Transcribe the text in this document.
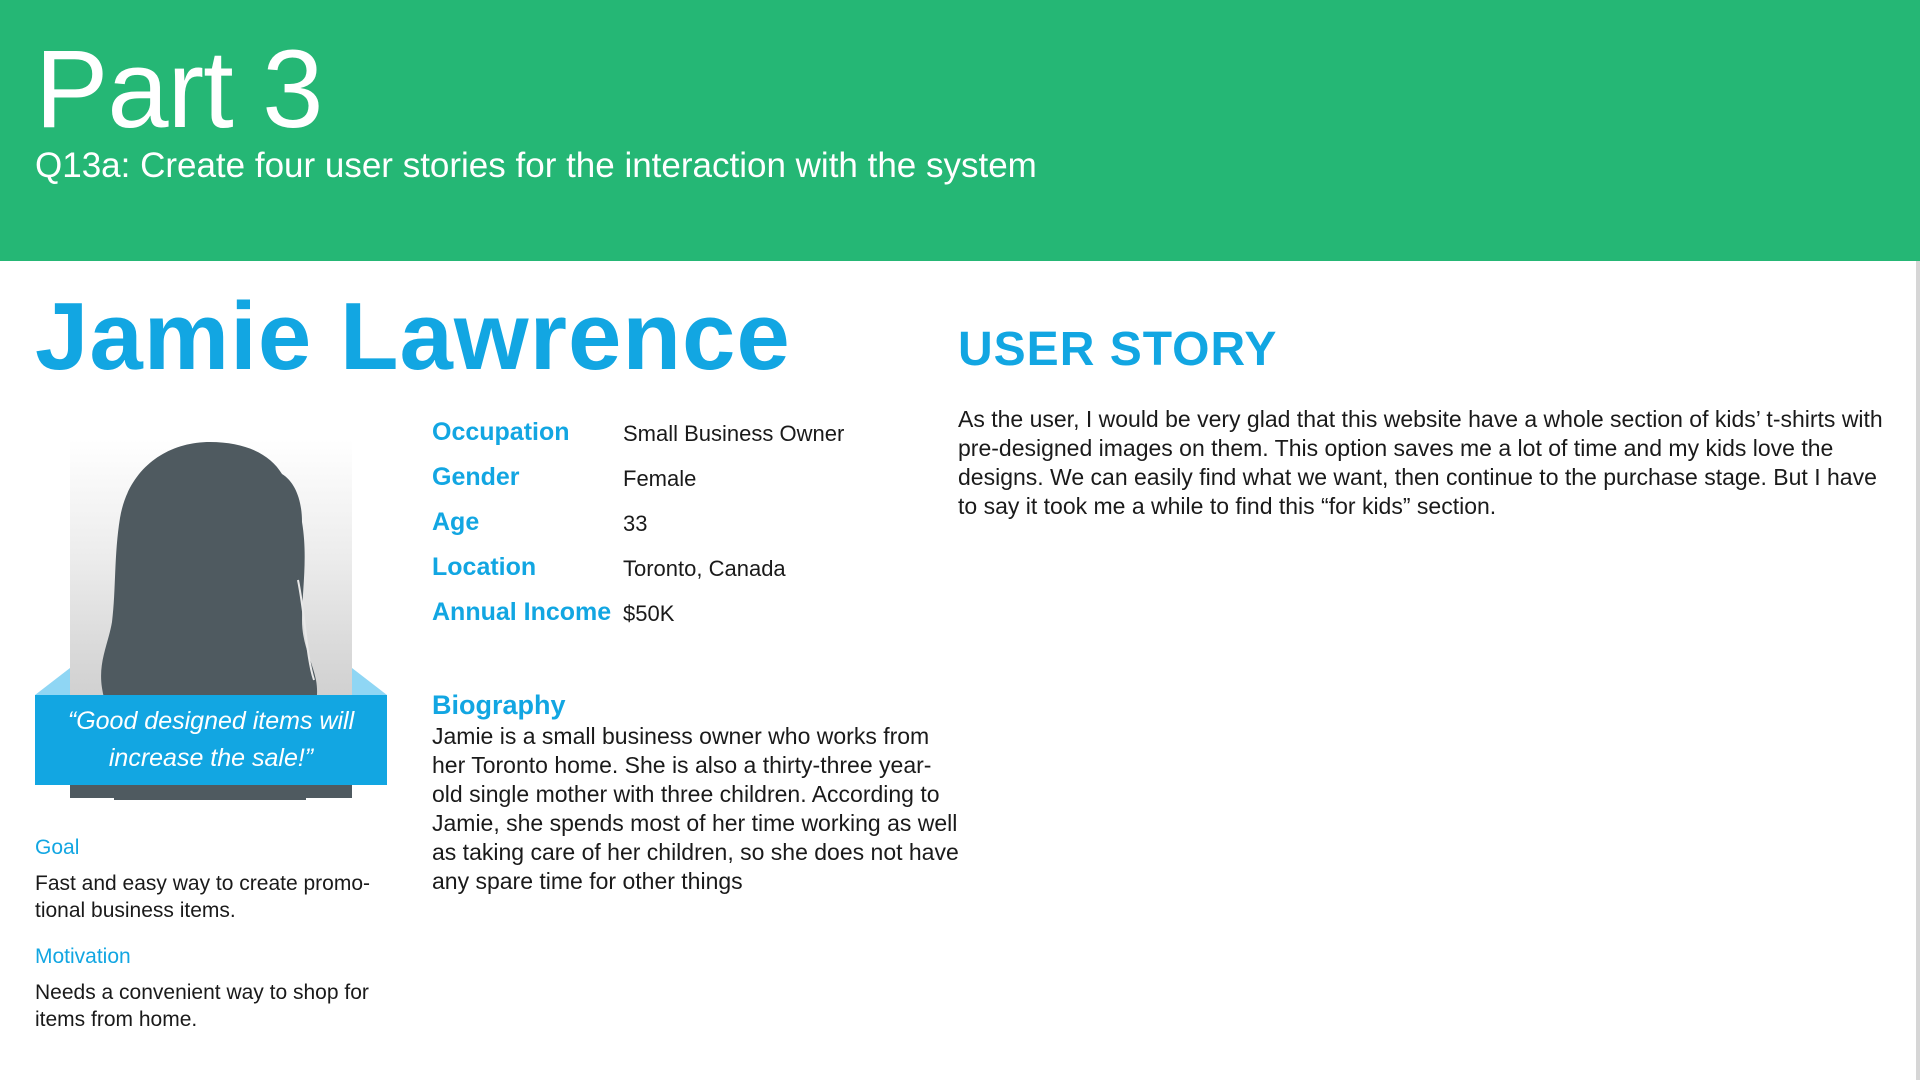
Part 3
Q13a: Create four user stories for the interaction with the system
Jamie Lawrence
“Good designed items will increase the sale!”
Goal
Fast and easy way to create promo-tional business items.
Motivation
Needs a convenient way to shop for items from home.
Occupation Small Business Owner
Gender	Female
Age	33
Location	Toronto, Canada
Annual Income $50K
Biography
Jamie is a small business owner who works from her Toronto home. She is also a thirty-three year-old single mother with three children. According to Jamie, she spends most of her time working as well as taking care of her children, so she does not have any spare time for other things
USER STORY
As the user, I would be very glad that this website have a whole section of kids’ t-shirts with pre-designed images on them. This option saves me a lot of time and my kids love the designs. We can easily find what we want, then continue to the purchase stage. But I have to say it took me a while to find this “for kids” section.
